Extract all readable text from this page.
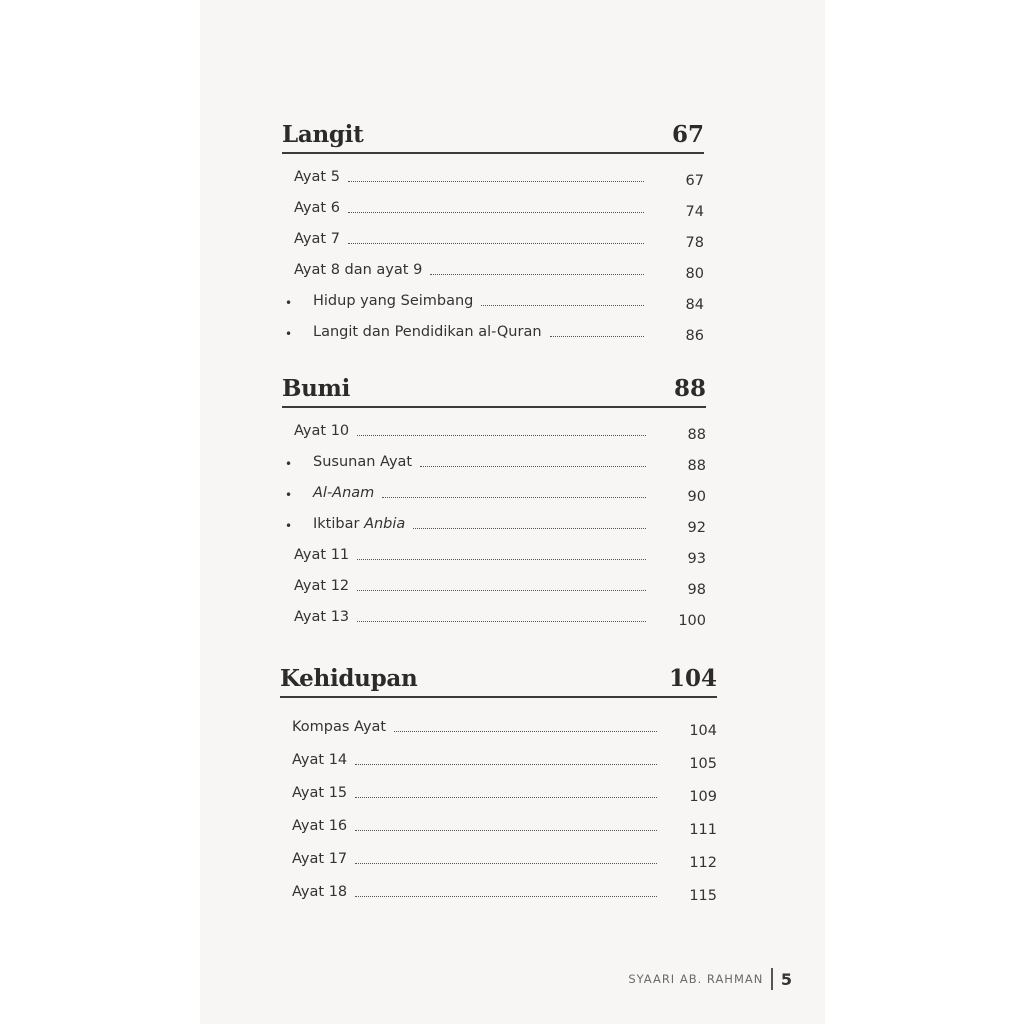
Langit	67
Ayat 5	67
Ayat 6	74
Ayat 7	78
Ayat 8 dan ayat 9	80
•	Hidup yang Seimbang	84
•	Langit dan Pendidikan al-Quran	86
Bumi	88
Ayat 10	88
•	Susunan Ayat	88
•	Al-Anam	90
•	Iktibar Anbia	92
Ayat 11	93
Ayat 12	98
Ayat 13	100
Kehidupan	104
Kompas Ayat	104
Ayat 14	105
Ayat 15	109
Ayat 16	111
Ayat 17	112
Ayat 18	115
SYAARI AB. RAHMAN 5
